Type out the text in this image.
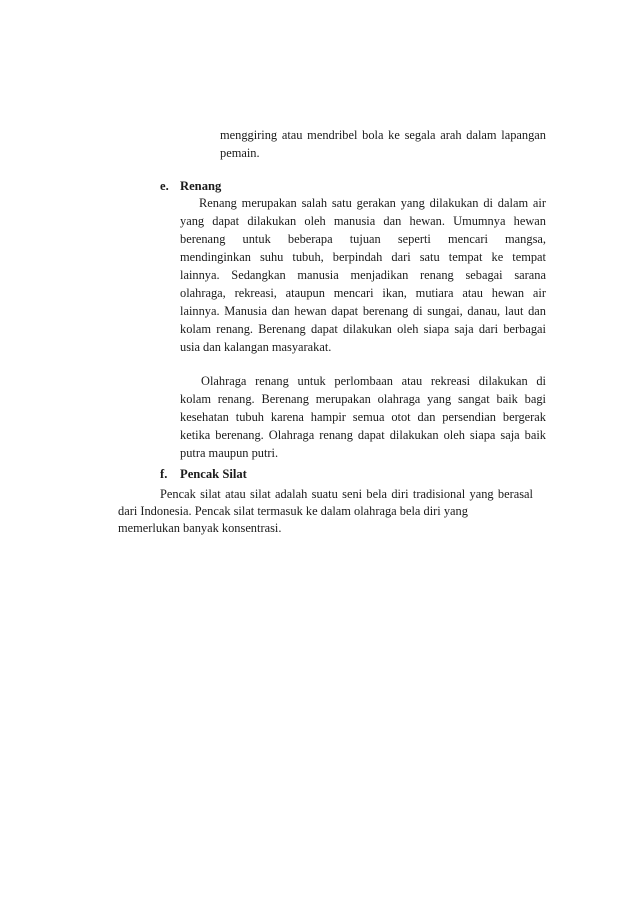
menggiring atau mendribel bola ke segala arah dalam lapangan
pemain.
e. Renang
Renang merupakan salah satu gerakan yang dilakukan di dalam air
yang dapat dilakukan oleh manusia dan hewan. Umumnya hewan
berenang untuk beberapa tujuan seperti mencari mangsa,
mendinginkan suhu tubuh, berpindah dari satu tempat ke tempat
lainnya. Sedangkan manusia menjadikan renang sebagai sarana
olahraga, rekreasi, ataupun mencari ikan, mutiara atau hewan air
lainnya. Manusia dan hewan dapat berenang di sungai, danau, laut dan
kolam renang. Berenang dapat dilakukan oleh siapa saja dari berbagai
usia dan kalangan masyarakat.
Olahraga renang untuk perlombaan atau rekreasi dilakukan di
kolam renang. Berenang merupakan olahraga yang sangat baik bagi
kesehatan tubuh karena hampir semua otot dan persendian bergerak
ketika berenang. Olahraga renang dapat dilakukan oleh siapa saja baik
putra maupun putri.
f. Pencak Silat
Pencak silat atau silat adalah suatu seni bela diri tradisional yang berasal
dari Indonesia. Pencak silat termasuk ke dalam olahraga bela diri yang
memerlukan banyak konsentrasi.
